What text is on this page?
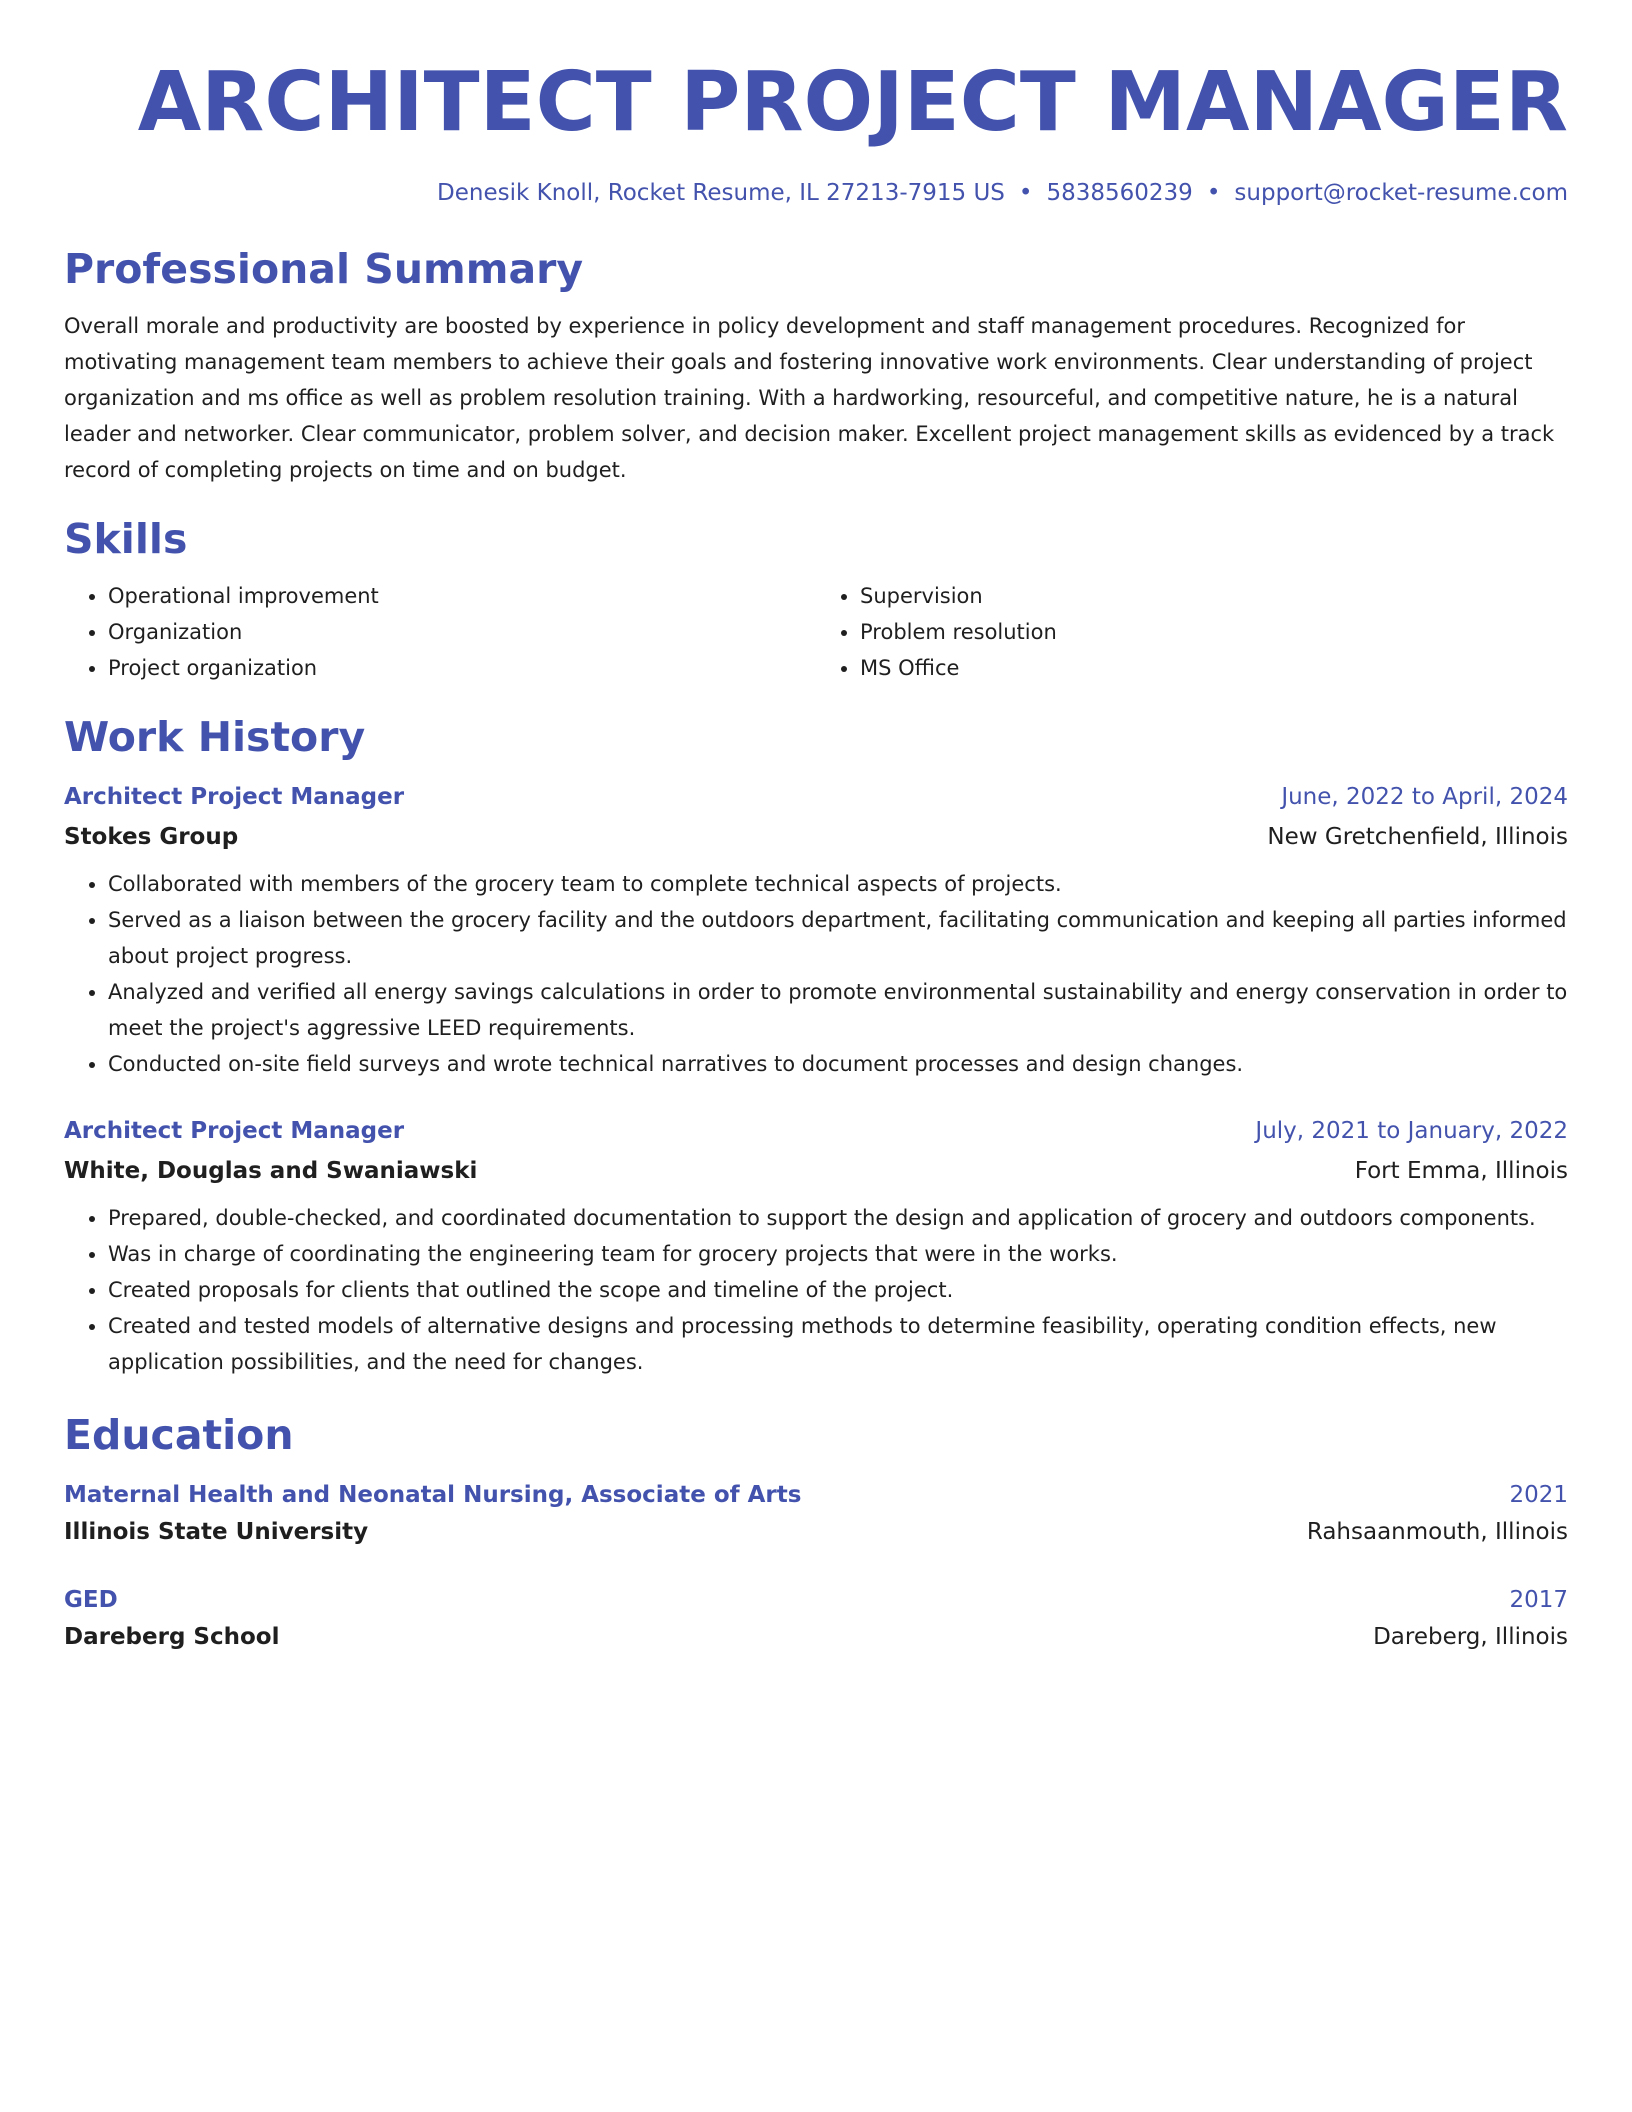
ARCHITECT PROJECT MANAGER
Denesik Knoll, Rocket Resume, IL 27213-7915 US • 5838560239 • support@rocket-resume.com
Professional Summary

Overall morale and productivity are boosted by experience in policy development and staff management procedures. Recognized for motivating management team members to achieve their goals and fostering innovative work environments. Clear understanding of project organization and ms office as well as problem resolution training. With a hardworking, resourceful, and competitive nature, he is a natural leader and networker. Clear communicator, problem solver, and decision maker. Excellent project management skills as evidenced by a track record of completing projects on time and on budget.

Skills
• Operational improvement
• Organization
• Project organization
• Supervision
• Problem resolution
• MS Office
Work History
Architect Project Manager	June, 2022 to April, 2024
Stokes Group	New Gretchenfield, Illinois
• Collaborated with members of the grocery team to complete technical aspects of projects.
• Served as a liaison between the grocery facility and the outdoors department, facilitating communication and keeping all parties informed about project progress.
• Analyzed and verified all energy savings calculations in order to promote environmental sustainability and energy conservation in order to meet the project's aggressive LEED requirements.
• Conducted on-site field surveys and wrote technical narratives to document processes and design changes.
Architect Project Manager	July, 2021 to January, 2022
White, Douglas and Swaniawski	Fort Emma, Illinois
• Prepared, double-checked, and coordinated documentation to support the design and application of grocery and outdoors components.
• Was in charge of coordinating the engineering team for grocery projects that were in the works.
• Created proposals for clients that outlined the scope and timeline of the project.
• Created and tested models of alternative designs and processing methods to determine feasibility, operating condition effects, new application possibilities, and the need for changes.
Education
Maternal Health and Neonatal Nursing, Associate of Arts	2021
Illinois State University	Rahsaanmouth, Illinois
GED	2017
Dareberg School	Dareberg, Illinois
